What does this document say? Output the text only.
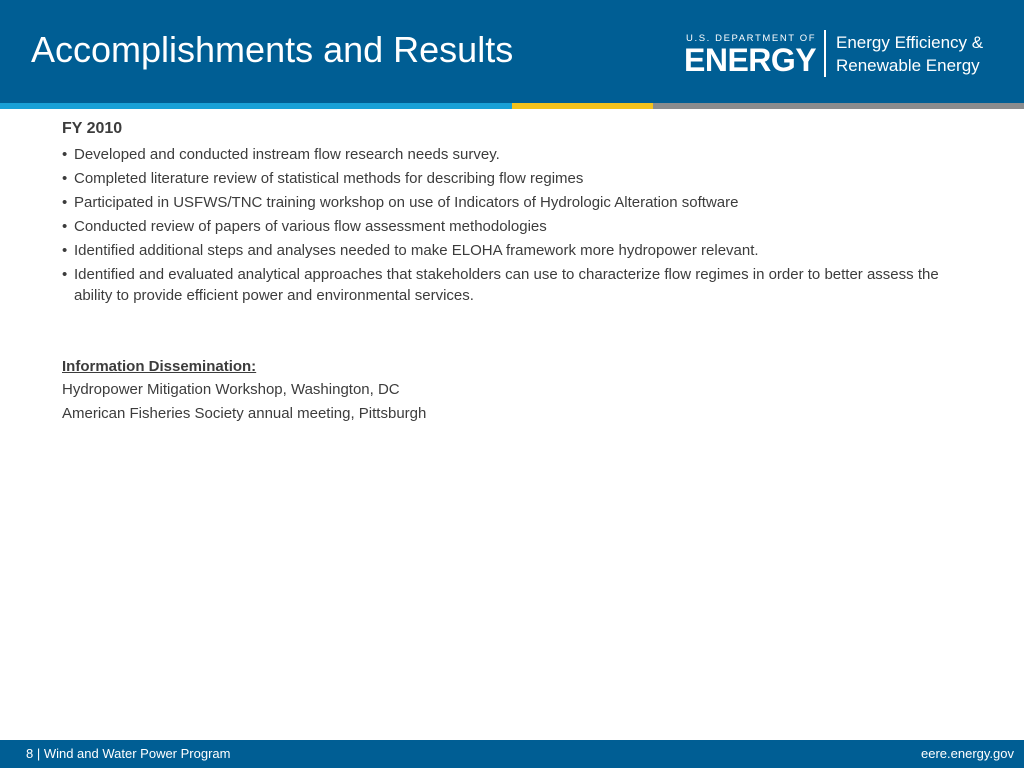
Accomplishments and Results	U.S. DEPARTMENT OF
ENERGY Energy Efficiency &
Renewable Energy
FY 2010
• Developed and conducted instream flow research needs survey.
• Completed literature review of statistical methods for describing flow regimes
• Participated in USFWS/TNC training workshop on use of Indicators of Hydrologic Alteration software
• Conducted review of papers of various flow assessment methodologies
• Identified additional steps and analyses needed to make ELOHA framework more hydropower relevant.
• Identified and evaluated analytical approaches that stakeholders can use to characterize flow regimes in order to better assess the ability to provide efficient power and environmental services.
Information Dissemination:
Hydropower Mitigation Workshop, Washington, DC
American Fisheries Society annual meeting, Pittsburgh
8 | Wind and Water Power Program	eere.energy.gov
